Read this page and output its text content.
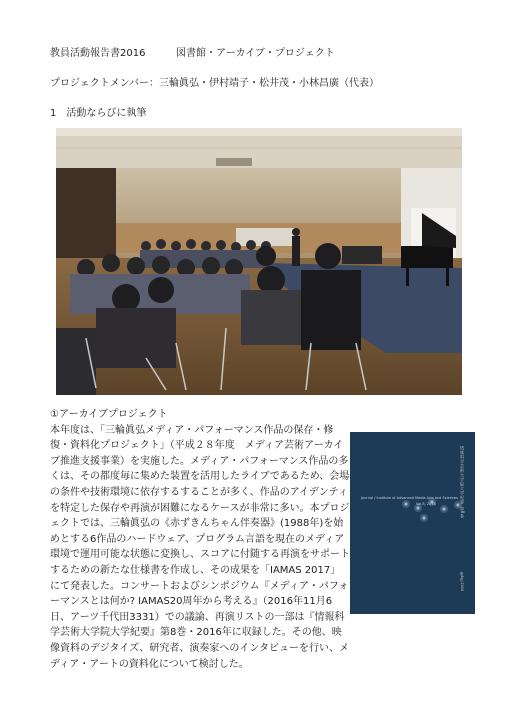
教員活動報告書2016	図書館・アーカイブ・プロジェクト
プロジェクトメンバー：三輪眞弘・伊村靖子・松井茂・小林昌廣（代表）
1　活動ならびに執筆
①アーカイブプロジェクト

本年度は、「三輪眞弘メディア・パフォーマンス作品の保存・修復・資料化プロジェクト」（平成２８年度　メディア芸術アーカイブ推進支援事業）を実施した。メディア・パフォーマンス作品の多くは、その都度毎に集めた装置を活用したライブであるため、会場の条件や技術環境に依存するすることが多く、作品のアイデンティを特定した保存や再演が困難になるケースが非常に多い。本プロジェクトでは、三輪眞弘の《赤ずきんちゃん伴奏器》(1988年)を始めとする6作品のハードウェア、プログラム言語を現在のメディア環境で運用可能な状態に変換し、スコアに付随する再演をサポートするための新たな仕様書を作成し、その成果を「IAMAS 2017」にて発表した。コンサートおよびシンポジウム『メディア・パフォーマンスとは何か? IAMAS20周年から考える』（2016年11月6日、アーツ千代田3331）での議論、再演リストの一部は『情報科学芸術大学院大学紀要』第8巻・2016年に収録した。その他、映像資料のデジタイズ、研究者、演奏家へのインタビューを行い、メディア・アートの資料化について検討した。

Journal / Institute of Advanced Media Arts and Sciences
Vol.8, 2016	情報科学芸術大学院大学紀要 第8巻
第8巻 2016
